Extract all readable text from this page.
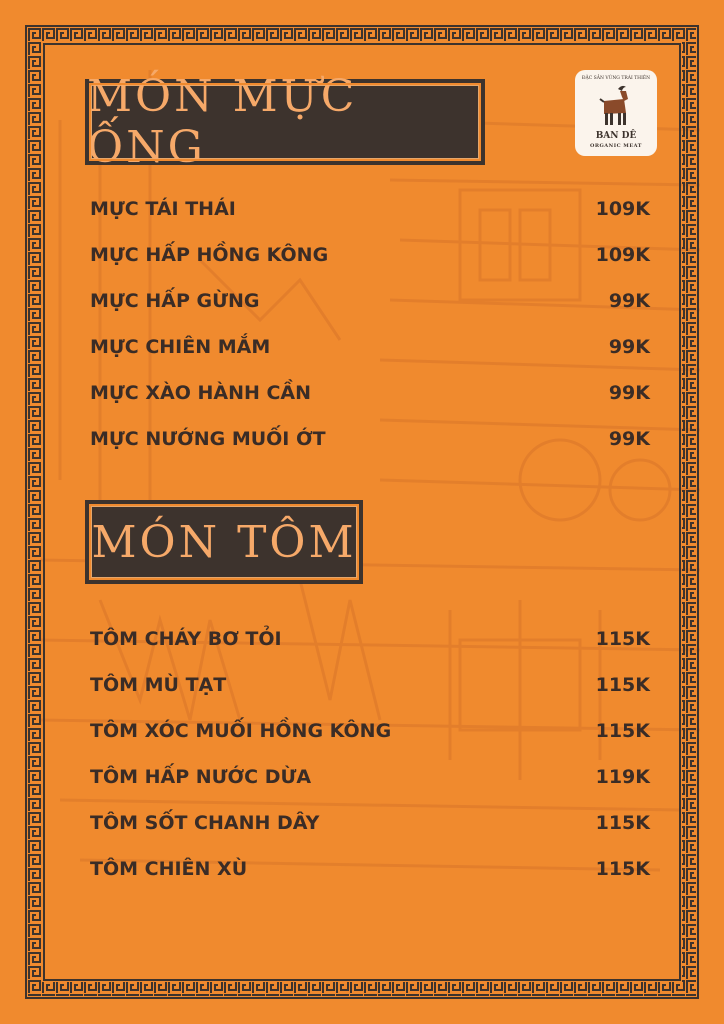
ĐẶC SẢN VÙNG TRÁI THIÊN
BAN DÊ
ORGANIC MEAT
MÓN MỰC ỐNG
MỰC TÁI THÁI	109K
MỰC HẤP HỒNG KÔNG	109K
MỰC HẤP GỪNG	99K
MỰC CHIÊN MẮM	99K
MỰC XÀO HÀNH CẦN	99K
MỰC NƯỚNG MUỐI ỚT	99K
MÓN TÔM
TÔM CHÁY BƠ TỎI	115K
TÔM MÙ TẠT	115K
TÔM XÓC MUỐI HỒNG KÔNG	115K
TÔM HẤP NƯỚC DỪA	119K
TÔM SỐT CHANH DÂY	115K
TÔM CHIÊN XÙ	115K
